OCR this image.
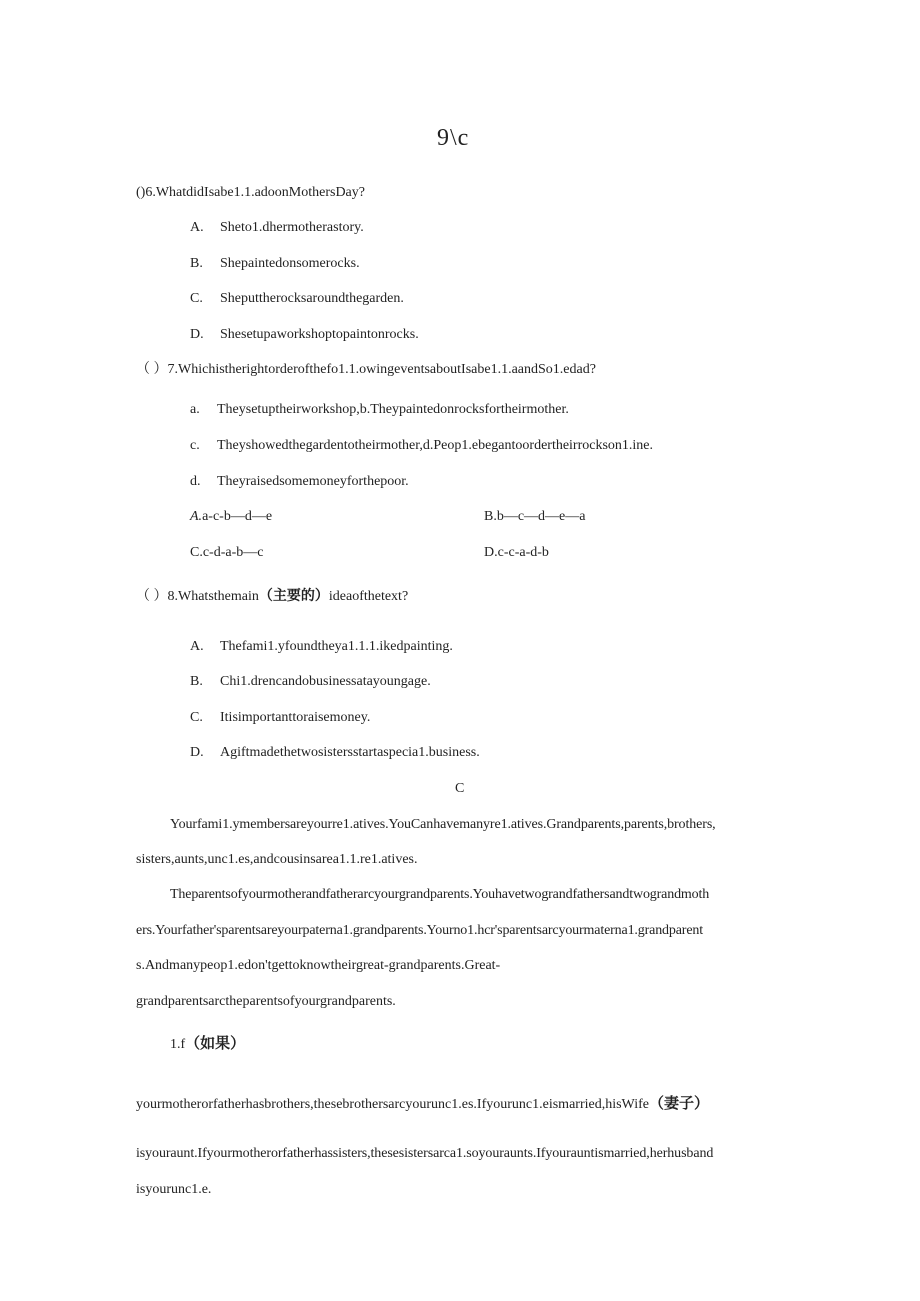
9\c
()6.WhatdidIsabe1.1.adoonMothersDay?
A. Sheto1.dhermotherastory.
B. Shepaintedonsomerocks.
C. Sheputtherocksaroundthegarden.
D. Shesetupaworkshoptopaintonrocks.
（ ）7.Whichistherightorderofthefo1.1.owingeventsaboutIsabe1.1.aandSo1.edad?
a. Theysetuptheirworkshop,b.Theypaintedonrocksfortheirmother.
c. Theyshowedthegardentotheirmother,d.Peop1.ebegantoordertheirrockson1.ine.
d. Theyraisedsomemoneyforthepoor.
A.a-c-b—d—e	B.b—c—d—e—a
C.c-d-a-b—c	D.c-c-a-d-b
（ ）8.Whatsthemain（主要的）ideaofthetext?
A. Thefami1.yfoundtheya1.1.1.ikedpainting.
B. Chi1.drencandobusinessatayoungage.
C. Itisimportanttoraisemoney.
D. Agiftmadethetwosistersstartaspecia1.business.
C
Yourfami1.ymembersareyourre1.atives.YouCanhavemanyre1.atives.Grandparents,parents,brothers,
sisters,aunts,unc1.es,andcousinsarea1.1.re1.atives.
Theparentsofyourmotherandfatherarcyourgrandparents.Youhavetwograndfathersandtwograndmoth
ers.Yourfather'sparentsareyourpaterna1.grandparents.Yourno1.hcr'sparentsarcyourmaterna1.grandparent
s.Andmanypeop1.edon'tgettoknowtheirgreat-grandparents.Great-
grandparentsarctheparentsofyourgrandparents.
1.f（如果）
yourmotherorfatherhasbrothers,thesebrothersarcyourunc1.es.Ifyourunc1.eismarried,hisWife（妻子）
isyouraunt.Ifyourmotherorfatherhassisters,thesesistersarca1.soyouraunts.Ifyourauntismarried,herhusband
isyourunc1.e.
